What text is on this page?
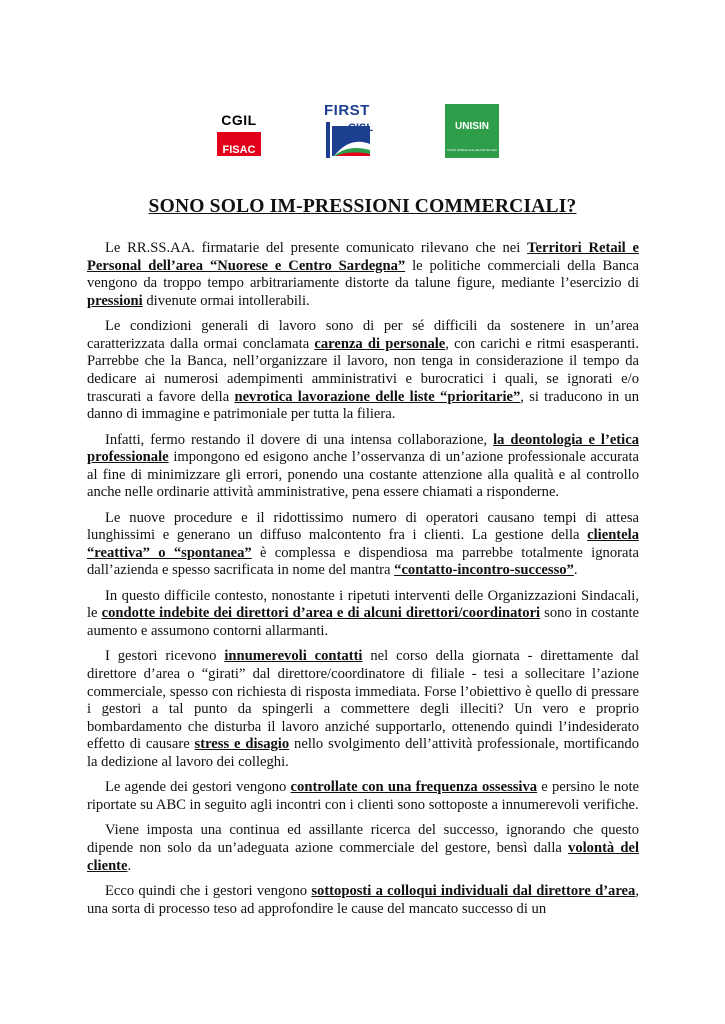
CGIL
FISAC
FIRST
CISL	UNISIN
UNITÀ SINDACALE FALCRI SILCEA
SONO SOLO IM-PRESSIONI COMMERCIALI?

Le RR.SS.AA. firmatarie del presente comunicato rilevano che nei Territori Retail e Personal dell’area “Nuorese e Centro Sardegna” le politiche commerciali della Banca vengono da troppo tempo arbitrariamente distorte da talune figure, mediante l’esercizio di pressioni divenute ormai intollerabili.

Le condizioni generali di lavoro sono di per sé difficili da sostenere in un’area caratterizzata dalla ormai conclamata carenza di personale, con carichi e ritmi esasperanti. Parrebbe che la Banca, nell’organizzare il lavoro, non tenga in considerazione il tempo da dedicare ai numerosi adempimenti amministrativi e burocratici i quali, se ignorati e/o trascurati a favore della nevrotica lavorazione delle liste “prioritarie”, si traducono in un danno di immagine e patrimoniale per tutta la filiera.

Infatti, fermo restando il dovere di una intensa collaborazione, la deontologia e l’etica professionale impongono ed esigono anche l’osservanza di un’azione professionale accurata al fine di minimizzare gli errori, ponendo una costante attenzione alla qualità e al controllo anche nelle ordinarie attività amministrative, pena essere chiamati a risponderne.

Le nuove procedure e il ridottissimo numero di operatori causano tempi di attesa lunghissimi e generano un diffuso malcontento fra i clienti. La gestione della clientela “reattiva” o “spontanea” è complessa e dispendiosa ma parrebbe totalmente ignorata dall’azienda e spesso sacrificata in nome del mantra “contatto-incontro-successo”.

In questo difficile contesto, nonostante i ripetuti interventi delle Organizzazioni Sindacali, le condotte indebite dei direttori d’area e di alcuni direttori/coordinatori sono in costante aumento e assumono contorni allarmanti.

I gestori ricevono innumerevoli contatti nel corso della giornata - direttamente dal direttore d’area o “girati” dal direttore/coordinatore di filiale - tesi a sollecitare l’azione commerciale, spesso con richiesta di risposta immediata. Forse l’obiettivo è quello di pressare i gestori a tal punto da spingerli a commettere degli illeciti? Un vero e proprio bombardamento che disturba il lavoro anziché supportarlo, ottenendo quindi l’indesiderato effetto di causare stress e disagio nello svolgimento dell’attività professionale, mortificando la dedizione al lavoro dei colleghi.

Le agende dei gestori vengono controllate con una frequenza ossessiva e persino le note riportate su ABC in seguito agli incontri con i clienti sono sottoposte a innumerevoli verifiche.

Viene imposta una continua ed assillante ricerca del successo, ignorando che questo dipende non solo da un’adeguata azione commerciale del gestore, bensì dalla volontà del cliente.

Ecco quindi che i gestori vengono sottoposti a colloqui individuali dal direttore d’area, una sorta di processo teso ad approfondire le cause del mancato successo di un
